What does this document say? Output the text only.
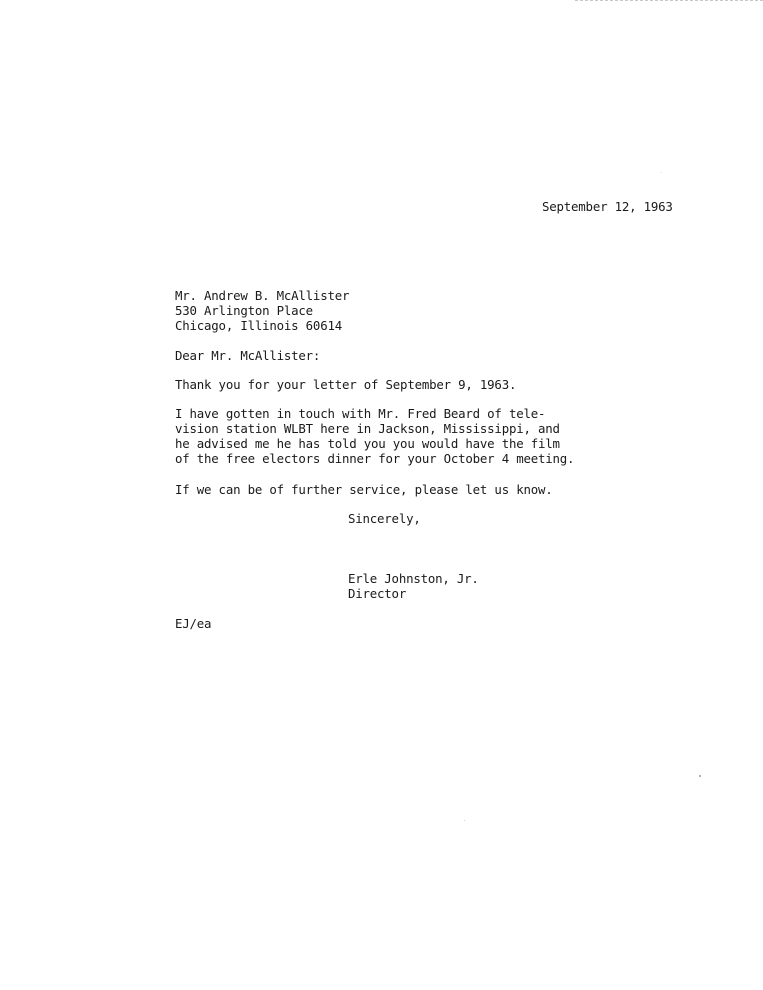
September 12, 1963
Mr. Andrew B. McAllister
530 Arlington Place
Chicago, Illinois 60614
Dear Mr. McAllister:
Thank you for your letter of September 9, 1963.
I have gotten in touch with Mr. Fred Beard of tele-
vision station WLBT here in Jackson, Mississippi, and
he advised me he has told you you would have the film
of the free electors dinner for your October 4 meeting.
If we can be of further service, please let us know.
Sincerely,
Erle Johnston, Jr.
Director
EJ/ea
